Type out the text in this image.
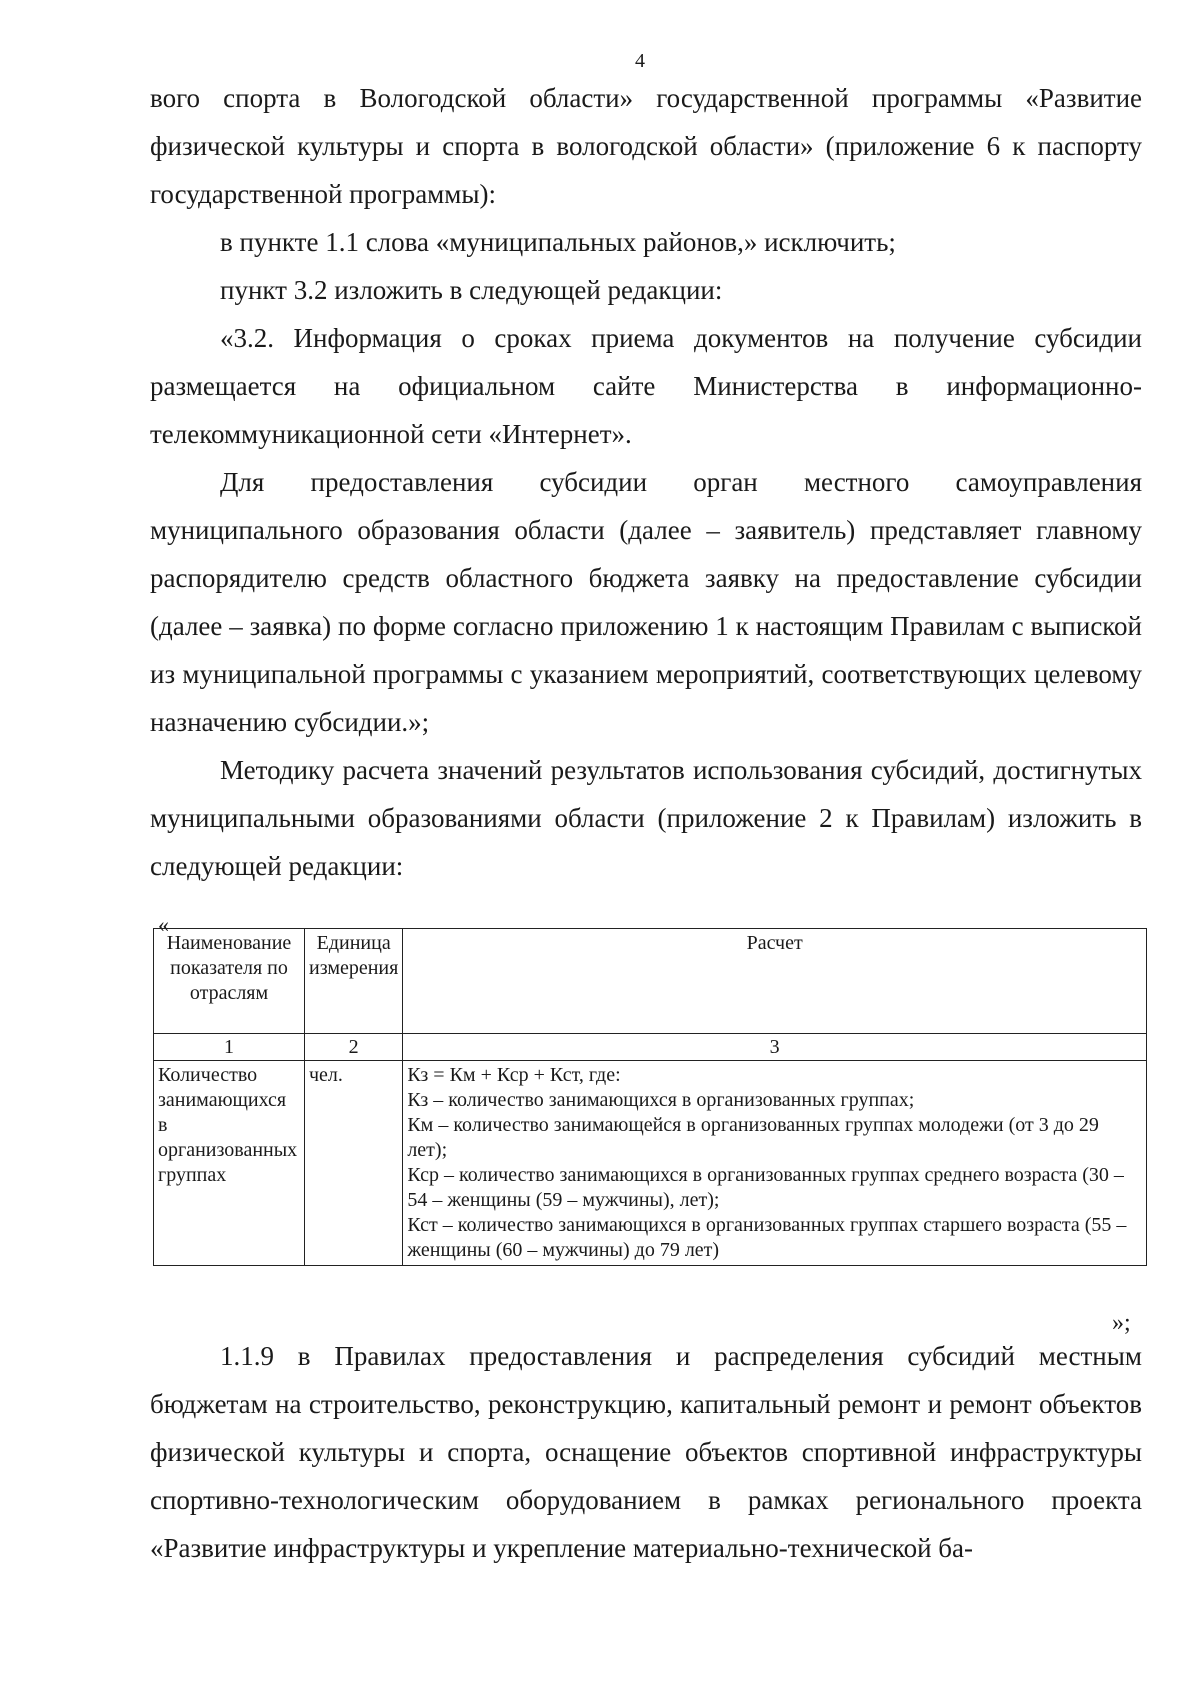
4

вого спорта в Вологодской области» государственной программы «Развитие физической культуры и спорта в вологодской области» (приложение 6 к паспорту государственной программы):

в пункте 1.1 слова «муниципальных районов,» исключить;

пункт 3.2 изложить в следующей редакции:

«3.2. Информация о сроках приема документов на получение субсидии размещается на официальном сайте Министерства в информационно-телекоммуникационной сети «Интернет».

Для предоставления субсидии орган местного самоуправления муниципального образования области (далее – заявитель) представляет главному распорядителю средств областного бюджета заявку на предоставление субсидии (далее – заявка) по форме согласно приложению 1 к настоящим Правилам с выпиской из муниципальной программы с указанием мероприятий, соответствующих целевому назначению субсидии.»;

Методику расчета значений результатов использования субсидий, достигнутых муниципальными образованиями области (приложение 2 к Правилам) изложить в следующей редакции:

«
Наименование показателя по отраслям	Единица измерения	Расчет
1	2	3
Количество занимающихся в организованных группах	чел.	Кз = Км + Кср + Кст, где:
Кз – количество занимающихся в организованных группах;
Км – количество занимающейся в организованных группах молодежи (от 3 до 29 лет);
Кср – количество занимающихся в организованных группах среднего возраста (30 – 54 – женщины (59 – мужчины), лет);
Кст – количество занимающихся в организованных группах старшего возраста (55 – женщины (60 – мужчины) до 79 лет)
»;

1.1.9 в Правилах предоставления и распределения субсидий местным бюджетам на строительство, реконструкцию, капитальный ремонт и ремонт объектов физической культуры и спорта, оснащение объектов спортивной инфраструктуры спортивно-технологическим оборудованием в рамках регионального проекта «Развитие инфраструктуры и укрепление материально-технической ба-
